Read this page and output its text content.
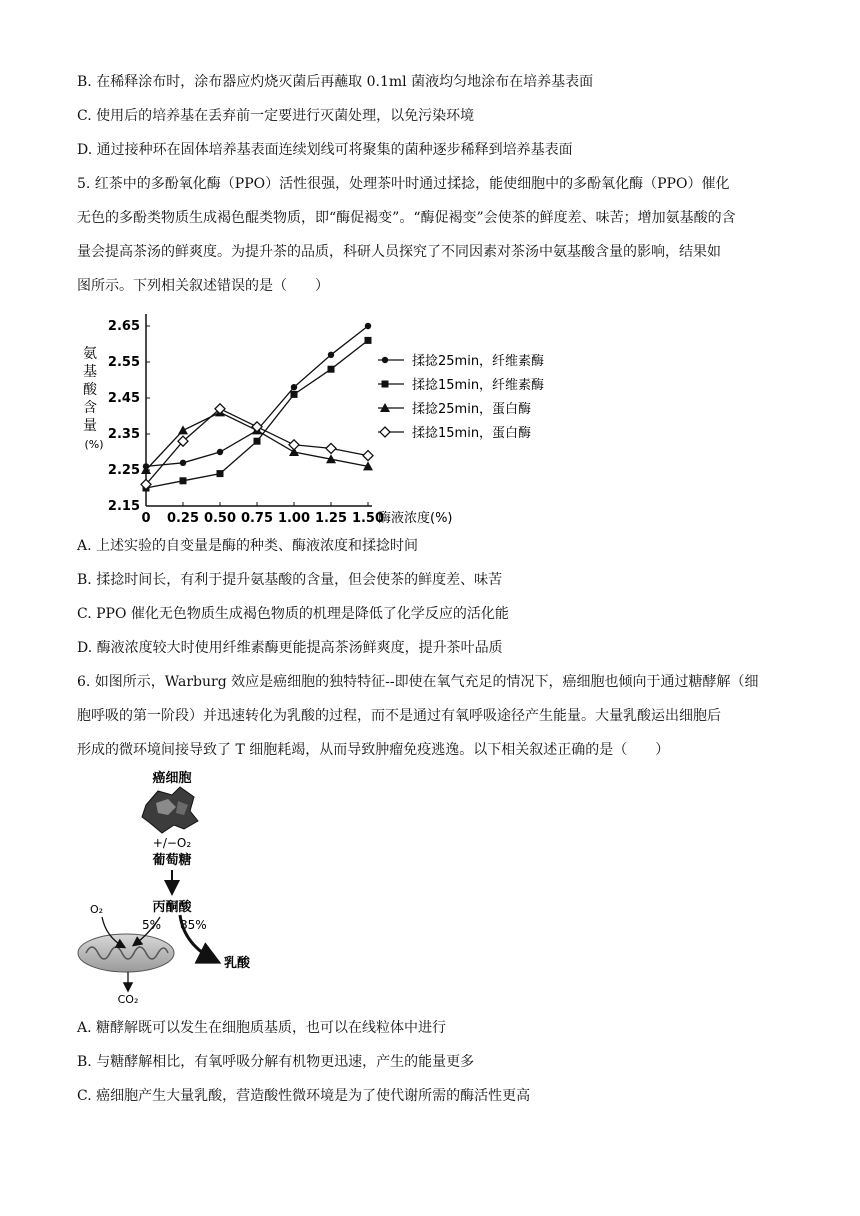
B. 在稀释涂布时，涂布器应灼烧灭菌后再蘸取 0.1ml 菌液均匀地涂布在培养基表面
C. 使用后的培养基在丢弃前一定要进行灭菌处理，以免污染环境
D. 通过接种环在固体培养基表面连续划线可将聚集的菌种逐步稀释到培养基表面
5. 红茶中的多酚氧化酶（PPO）活性很强，处理茶叶时通过揉捻，能使细胞中的多酚氧化酶（PPO）催化
无色的多酚类物质生成褐色醌类物质，即“酶促褐变”。“酶促褐变”会使茶的鲜度差、味苦；增加氨基酸的含
量会提高茶汤的鲜爽度。为提升茶的品质，科研人员探究了不同因素对茶汤中氨基酸含量的影响，结果如
图所示。下列相关叙述错误的是（　　）
氨
基
酸
含
量
(%)
酶液浓度(%)
0 0.25 0.50 0.75 1.00 1.25 1.50
2.15
2.25
2.35
2.45
2.55
2.65
揉捻25min，纤维素酶
揉捻15min，纤维素酶
揉捻25min，蛋白酶
揉捻15min，蛋白酶
A. 上述实验的自变量是酶的种类、酶液浓度和揉捻时间
B. 揉捻时间长，有利于提升氨基酸的含量，但会使茶的鲜度差、味苦
C. PPO 催化无色物质生成褐色物质的机理是降低了化学反应的活化能
D. 酶液浓度较大时使用纤维素酶更能提高茶汤鲜爽度，提升茶叶品质
6. 如图所示，Warburg 效应是癌细胞的独特特征--即使在氧气充足的情况下，癌细胞也倾向于通过糖酵解（细
胞呼吸的第一阶段）并迅速转化为乳酸的过程，而不是通过有氧呼吸途径产生能量。大量乳酸运出细胞后
形成的微环境间接导致了 T 细胞耗竭，从而导致肿瘤免疫逃逸。以下相关叙述正确的是（　　）
癌细胞
+/−O₂
葡萄糖
丙酮酸
O₂
5% 85%
乳酸
CO₂
A. 糖酵解既可以发生在细胞质基质，也可以在线粒体中进行
B. 与糖酵解相比，有氧呼吸分解有机物更迅速，产生的能量更多
C. 癌细胞产生大量乳酸，营造酸性微环境是为了使代谢所需的酶活性更高
